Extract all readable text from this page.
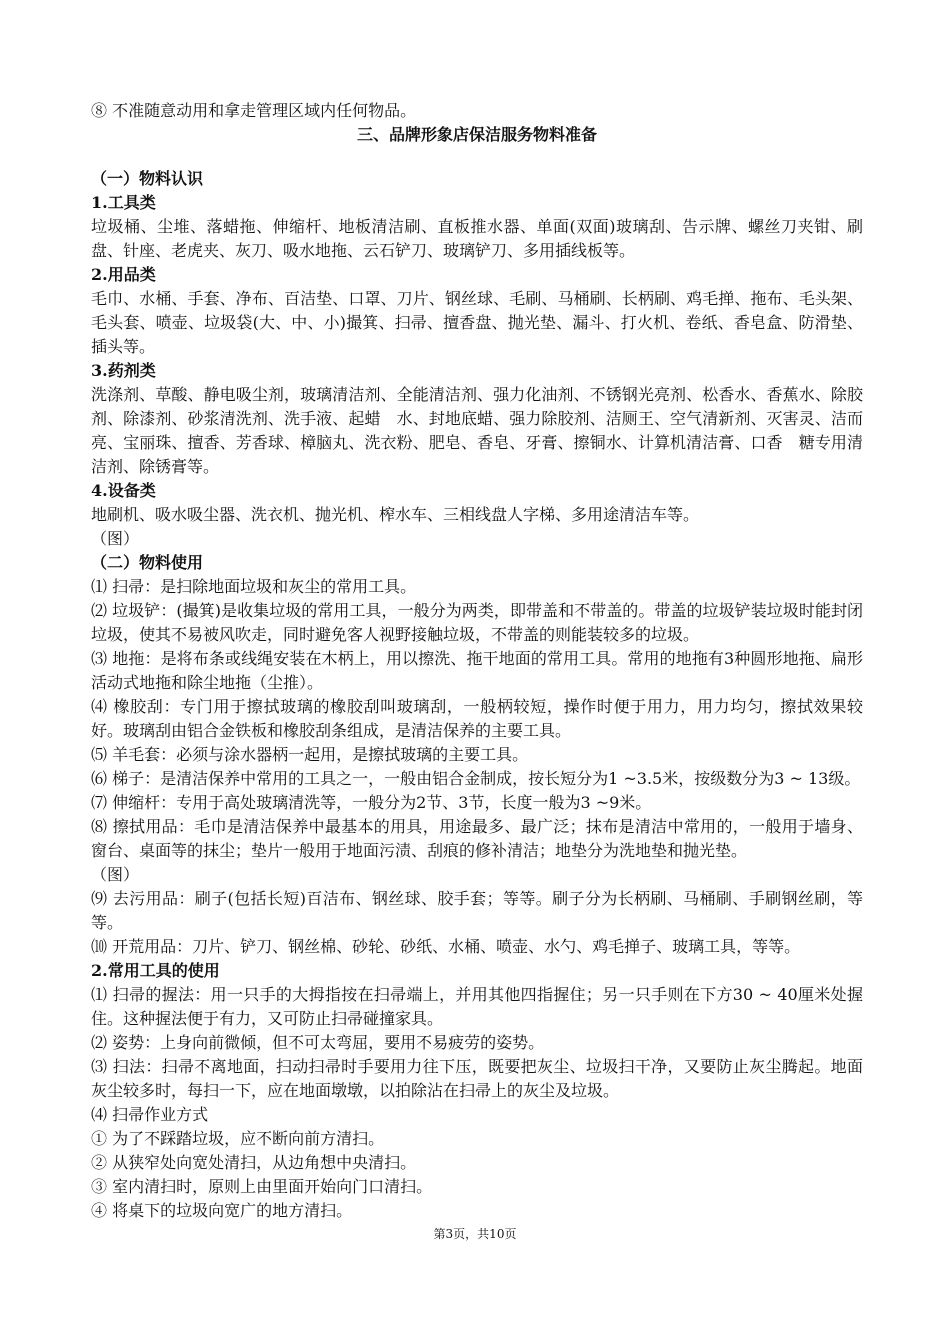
⑧ 不准随意动用和拿走管理区域内任何物品。

三、品牌形象店保洁服务物料准备

（一）物料认识

1.工具类

垃圾桶、尘堆、落蜡拖、伸缩杆、地板清洁刷、直板推水器、单面(双面)玻璃刮、告示牌、螺丝刀夹钳、刷盘、针座、老虎夹、灰刀、吸水地拖、云石铲刀、玻璃铲刀、多用插线板等。

2.用品类

毛巾、水桶、手套、净布、百洁垫、口罩、刀片、钢丝球、毛刷、马桶刷、长柄刷、鸡毛掸、拖布、毛头架、毛头套、喷壶、垃圾袋(大、中、小)撮箕、扫帚、擅香盘、抛光垫、漏斗、打火机、卷纸、香皂盒、防滑垫、插头等。

3.药剂类

洗涤剂、草酸、静电吸尘剂，玻璃清洁剂、全能清洁剂、强力化油剂、不锈钢光亮剂、松香水、香蕉水、除胶剂、除漆剂、砂浆清洗剂、洗手液、起蜡　水、封地底蜡、强力除胶剂、洁厕王、空气清新剂、灭害灵、洁而亮、宝丽珠、擅香、芳香球、樟脑丸、洗衣粉、肥皂、香皂、牙膏、擦铜水、计算机清洁膏、口香　糖专用清洁剂、除锈膏等。

4.设备类

地刷机、吸水吸尘器、洗衣机、抛光机、榨水车、三相线盘人字梯、多用途清洁车等。

（图）

（二）物料使用

⑴ 扫帚：是扫除地面垃圾和灰尘的常用工具。

⑵ 垃圾铲：(撮箕)是收集垃圾的常用工具，一般分为两类，即带盖和不带盖的。带盖的垃圾铲装垃圾时能封闭垃圾，使其不易被风吹走，同时避免客人视野接触垃圾，不带盖的则能装较多的垃圾。

⑶ 地拖：是将布条或线绳安装在木柄上，用以擦洗、拖干地面的常用工具。常用的地拖有3种圆形地拖、扁形活动式地拖和除尘地拖（尘推）。

⑷ 橡胶刮：专门用于擦拭玻璃的橡胶刮叫玻璃刮，一般柄较短，操作时便于用力，用力均匀，擦拭效果较好。玻璃刮由铝合金铁板和橡胶刮条组成，是清洁保养的主要工具。

⑸ 羊毛套：必须与涂水器柄一起用，是擦拭玻璃的主要工具。

⑹ 梯子：是清洁保养中常用的工具之一，一般由铝合金制成，按长短分为1 ~3.5米，按级数分为3 ~ 13级。

⑺ 伸缩杆：专用于高处玻璃清洗等，一般分为2节、3节，长度一般为3 ~9米。

⑻ 擦拭用品：毛巾是清洁保养中最基本的用具，用途最多、最广泛；抹布是清洁中常用的，一般用于墙身、窗台、桌面等的抹尘；垫片一般用于地面污渍、刮痕的修补清洁；地垫分为洗地垫和抛光垫。

（图）

⑼ 去污用品：刷子(包括长短)百洁布、钢丝球、胶手套；等等。刷子分为长柄刷、马桶刷、手刷钢丝刷，等等。

⑽ 开荒用品：刀片、铲刀、钢丝棉、砂轮、砂纸、水桶、喷壶、水勺、鸡毛掸子、玻璃工具，等等。

2.常用工具的使用

⑴ 扫帚的握法：用一只手的大拇指按在扫帚端上，并用其他四指握住；另一只手则在下方30 ~ 40厘米处握住。这种握法便于有力，又可防止扫帚碰撞家具。

⑵ 姿势：上身向前微倾，但不可太弯屈，要用不易疲劳的姿势。

⑶ 扫法：扫帚不离地面，扫动扫帚时手要用力往下压，既要把灰尘、垃圾扫干净，又要防止灰尘腾起。地面灰尘较多时，每扫一下，应在地面墩墩，以拍除沾在扫帚上的灰尘及垃圾。

⑷ 扫帚作业方式

① 为了不踩踏垃圾，应不断向前方清扫。

② 从狭窄处向宽处清扫，从边角想中央清扫。

③ 室内清扫时，原则上由里面开始向门口清扫。

④ 将桌下的垃圾向宽广的地方清扫。

第3页，共10页
